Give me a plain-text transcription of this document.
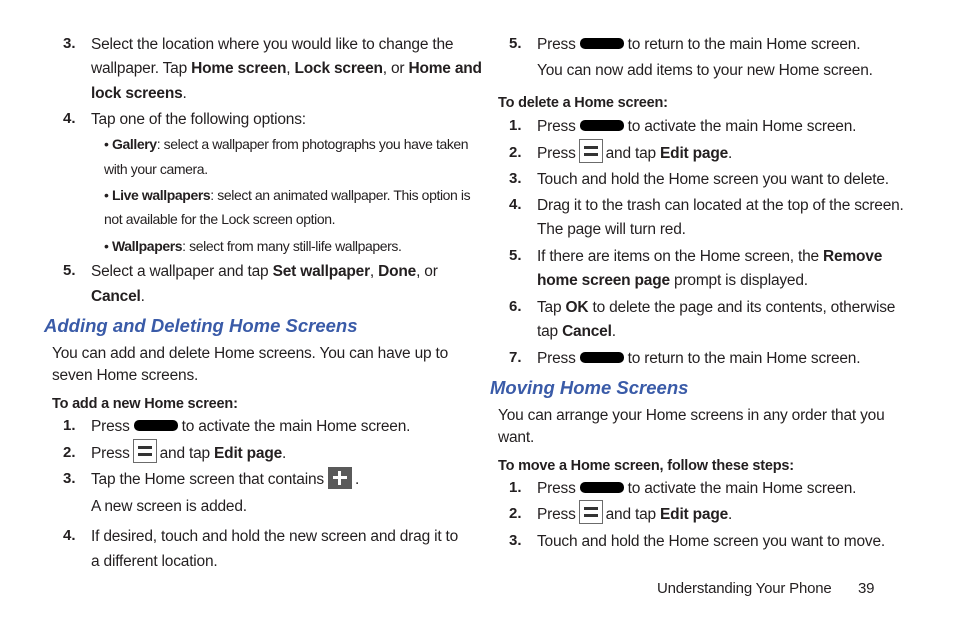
3. Select the location where you would like to change the
wallpaper. Tap Home screen, Lock screen, or Home and
lock screens.
4. Tap one of the following options:
• Gallery: select a wallpaper from photographs you have taken
with your camera.
• Live wallpapers: select an animated wallpaper. This option is
not available for the Lock screen option.
• Wallpapers: select from many still-life wallpapers.
5. Select a wallpaper and tap Set wallpaper, Done, or
Cancel.
Adding and Deleting Home Screens
You can add and delete Home screens. You can have up to
seven Home screens.
To add a new Home screen:
1. Press	to activate the main Home screen.
2. Press and tap Edit page.
3. Tap the Home screen that contains .
A new screen is added.
4. If desired, touch and hold the new screen and drag it to
a different location.
5. Press	to return to the main Home screen.
You can now add items to your new Home screen.
To delete a Home screen:
1. Press	to activate the main Home screen.
2. Press and tap Edit page.
3. Touch and hold the Home screen you want to delete.
4. Drag it to the trash can located at the top of the screen.
The page will turn red.
5. If there are items on the Home screen, the Remove
home screen page prompt is displayed.
6. Tap OK to delete the page and its contents, otherwise
tap Cancel.
7. Press	to return to the main Home screen.
Moving Home Screens
You can arrange your Home screens in any order that you
want.
To move a Home screen, follow these steps:
1. Press	to activate the main Home screen.
2. Press and tap Edit page.
3. Touch and hold the Home screen you want to move.
Understanding Your Phone 39
